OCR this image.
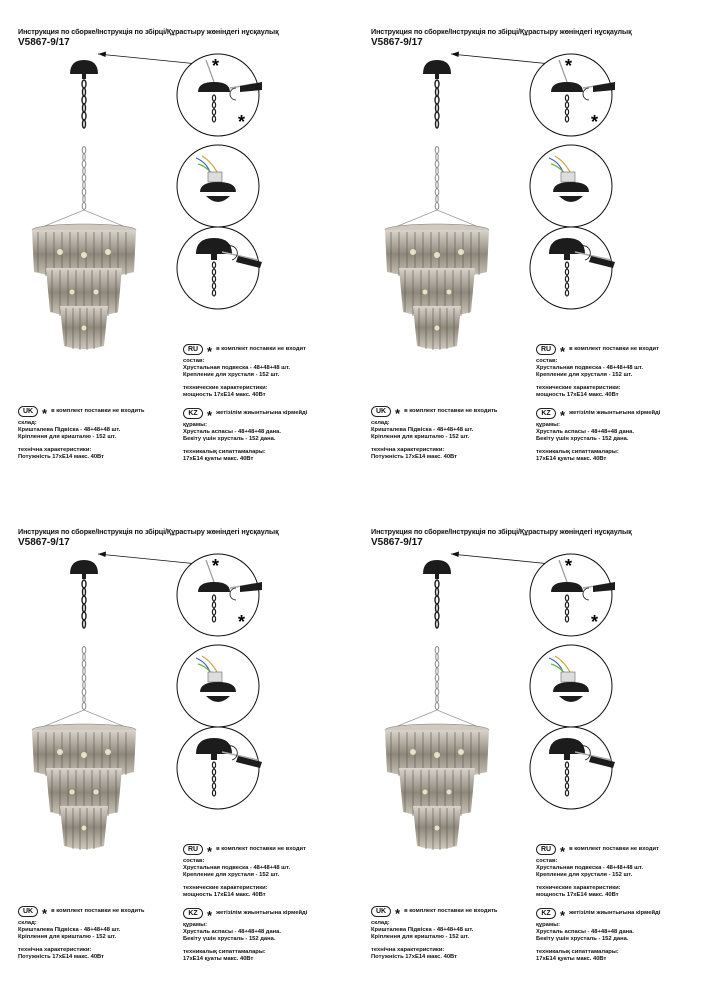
Инструкция по сборке/Інструкція по збірці/Құрастыру жөніндегі нұсқаулық
V5867-9/17
*
*
RU * в комплект поставки не входит
состав:
Хрустальная подвеска - 48+48+48 шт.
Крепление для хрусталя - 152 шт.
технические характеристики:
мощность 17xE14 макс. 40Вт
UK * в комплект поставки не входить
склад:
Кришталева Підвіска - 48+48+48 шт.
Кріплення для кришталю - 152 шт.
технічна характеристики:
Потужність 17xE14 макс. 40Вт
KZ * жетізілім жиынтығына кірмейді
құрамы:
Хрусталь аспасы - 48+48+48 дана.
Бекіту үшін хрусталь - 152 дана.
техникалық сипаттамалары:
17xE14 қуаты макс. 40Вт
Инструкция по сборке/Інструкція по збірці/Құрастыру жөніндегі нұсқаулық
V5867-9/17
*
*
RU * в комплект поставки не входит
состав:
Хрустальная подвеска - 48+48+48 шт.
Крепление для хрусталя - 152 шт.
технические характеристики:
мощность 17xE14 макс. 40Вт
UK * в комплект поставки не входить
склад:
Кришталева Підвіска - 48+48+48 шт.
Кріплення для кришталю - 152 шт.
технічна характеристики:
Потужність 17xE14 макс. 40Вт
KZ * жетізілім жиынтығына кірмейді
құрамы:
Хрусталь аспасы - 48+48+48 дана.
Бекіту үшін хрусталь - 152 дана.
техникалық сипаттамалары:
17xE14 қуаты макс. 40Вт
Инструкция по сборке/Інструкція по збірці/Құрастыру жөніндегі нұсқаулық
V5867-9/17
*
*
RU * в комплект поставки не входит
состав:
Хрустальная подвеска - 48+48+48 шт.
Крепление для хрусталя - 152 шт.
технические характеристики:
мощность 17xE14 макс. 40Вт
UK * в комплект поставки не входить
склад:
Кришталева Підвіска - 48+48+48 шт.
Кріплення для кришталю - 152 шт.
технічна характеристики:
Потужність 17xE14 макс. 40Вт
KZ * жетізілім жиынтығына кірмейді
құрамы:
Хрусталь аспасы - 48+48+48 дана.
Бекіту үшін хрусталь - 152 дана.
техникалық сипаттамалары:
17xE14 қуаты макс. 40Вт
Инструкция по сборке/Інструкція по збірці/Құрастыру жөніндегі нұсқаулық
V5867-9/17
*
*
RU * в комплект поставки не входит
состав:
Хрустальная подвеска - 48+48+48 шт.
Крепление для хрусталя - 152 шт.
технические характеристики:
мощность 17xE14 макс. 40Вт
UK * в комплект поставки не входить
склад:
Кришталева Підвіска - 48+48+48 шт.
Кріплення для кришталю - 152 шт.
технічна характеристики:
Потужність 17xE14 макс. 40Вт
KZ * жетізілім жиынтығына кірмейді
құрамы:
Хрусталь аспасы - 48+48+48 дана.
Бекіту үшін хрусталь - 152 дана.
техникалық сипаттамалары:
17xE14 қуаты макс. 40Вт
